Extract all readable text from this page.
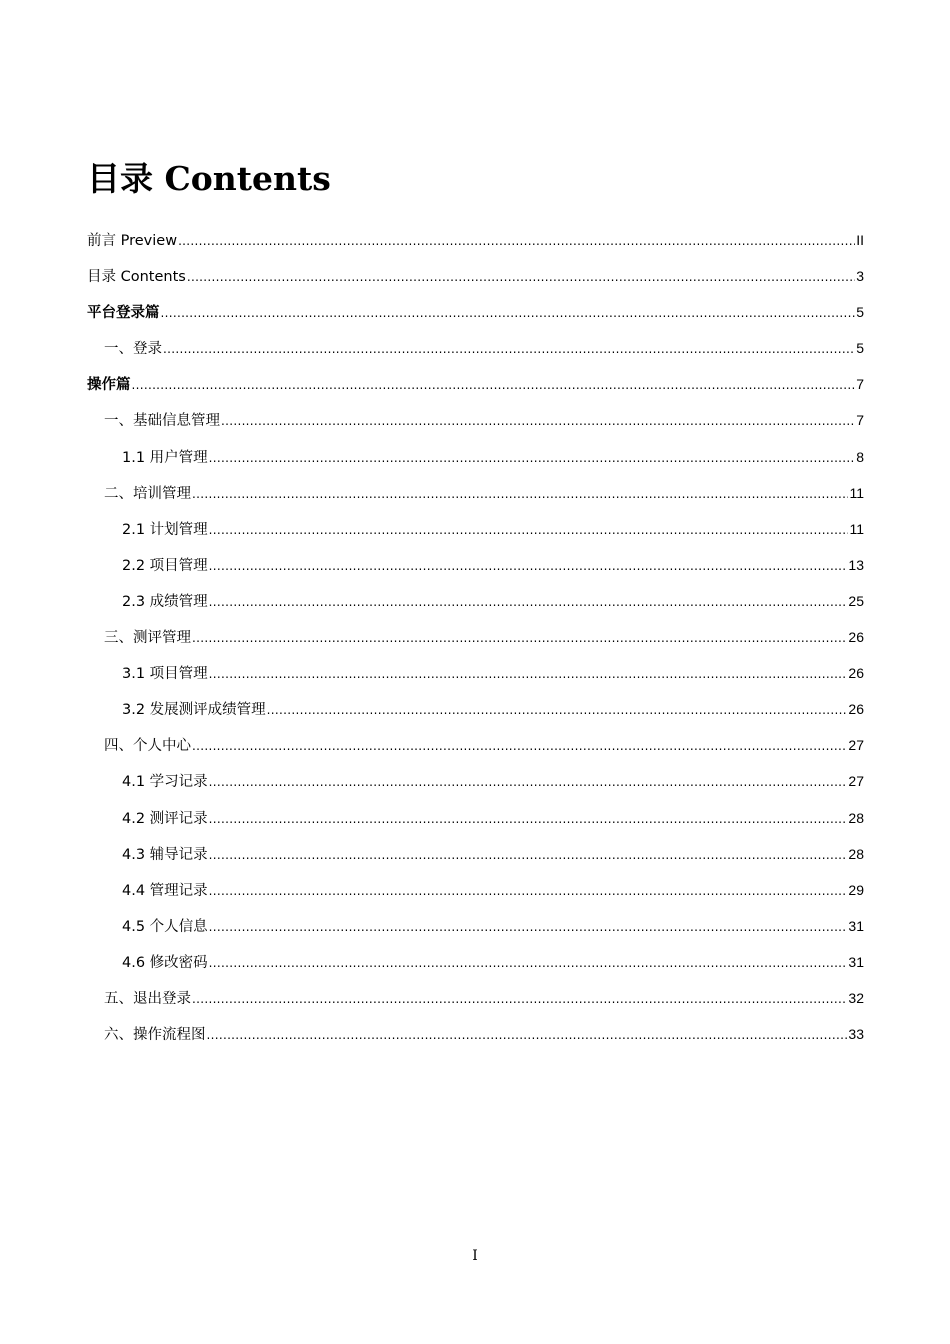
目录 Contents
前言 Preview .....	II
目录 Contents .....	3
平台登录篇 .....	5
一、登录 .....	5
操作篇 .....	7
一、基础信息管理 .....	7
1.1 用户管理 .....	8
二、培训管理 .....	11
2.1 计划管理 .....	11
2.2 项目管理 .....	13
2.3 成绩管理 .....	25
三、测评管理 .....	26
3.1 项目管理 .....	26
3.2 发展测评成绩管理 .....	26
四、个人中心 .....	27
4.1 学习记录 .....	27
4.2 测评记录 .....	28
4.3 辅导记录 .....	28
4.4 管理记录 .....	29
4.5 个人信息 .....	31
4.6 修改密码 .....	31
五、退出登录 .....	32
六、操作流程图 .....	33
I
